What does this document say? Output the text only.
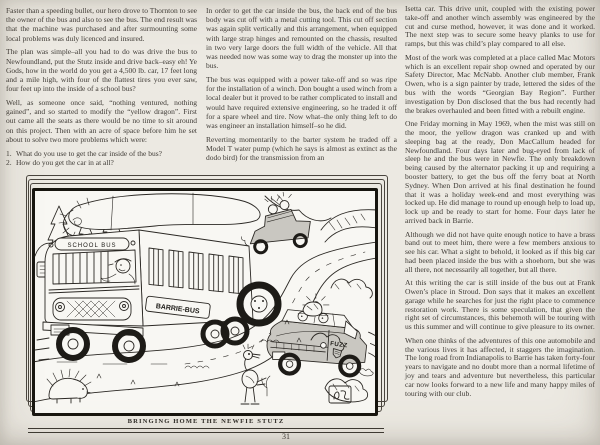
Faster than a speeding bullet, our hero drove to Thornton to see the owner of the bus and also to see the bus. The end result was that the machine was purchased and after surmounting some local problems was duly licenced and insured.

The plan was simple–all you had to do was drive the bus to Newfoundland, put the Stutz inside and drive back–easy eh! Ye Gods, how in the world do you get a 4,500 lb. car, 17 feet long and a mile high, with four of the flattest tires you ever saw, four feet up into the inside of a school bus?

Well, as someone once said, “nothing ventured, nothing gained”, and so started to modify the “yellow dragon”. First out came all the seats as there would be no time to sit around on this project. Then with an acre of space before him he set about to solve two more problems which were:

1. What do you use to get the car inside of the bus?
2. How do you get the car in at all?

In order to get the car inside the bus, the back end of the bus body was cut off with a metal cutting tool. This cut off section was again split vertically and this arrangement, when equipped with large strap hinges and remounted on the chassis, resulted in two very large doors the full width of the vehicle. All that was needed now was some way to drag the monster up into the bus.

The bus was equipped with a power take-off and so was ripe for the installation of a winch. Don bought a used winch from a local dealer but it proved to be rather complicated to install and would have required extensive engineering, so he traded it off for a spare wheel and tire. Now what–the only thing left to do was engineer an installation himself–so he did.

Reverting momentarily to the barter system he traded off a Model T water pump (which he says is almost as extinct as the dodo bird) for the transmission from an

Isetta car. This drive unit, coupled with the existing power take-off and another winch assembly was engineered by the cut and curse method, however, it was done and it worked. The next step was to secure some heavy planks to use for ramps, but this was child’s play compared to all else.

Most of the work was completed at a place called Mac Motors which is an excellent repair shop owned and operated by our Safety Director, Mac McNabb. Another club member, Frank Owen, who is a sign painter by trade, lettered the sides of the bus with the words “Georgian Bay Region”. Further investigation by Don disclosed that the bus had recently had the brakes overhauled and been fitted with a rebuilt engine.

One Friday morning in May 1969, when the mist was still on the moor, the yellow dragon was cranked up and with sleeping bag at the ready, Don MacCallum headed for Newfoundland. Four days later and bug-eyed from lack of sleep he and the bus were in Newfie. The only breakdown being caused by the alternator packing it up and requiring a booster battery, to get the bus off the ferry boat at North Sydney. When Don arrived at his final destination he found that it was a holiday week-end and most everything was locked up. He did manage to round up enough help to load up, lock up and be ready to start for home. Four days later he arrived back in Barrie.

Although we did not have quite enough notice to have a brass band out to meet him, there were a few members anxious to see his car. What a sight to behold, it looked as if this big car had been placed inside the bus with a shoehorn, but she was all there, not necessarily all together, but all there.

At this writing the car is still inside of the bus out at Frank Owen’s place in Stroud. Don says that it makes an excellent garage while he searches for just the right place to commence restoration work. There is some speculation, that given the right set of circumstances, this behemoth will be touring with us this summer and will continue to give pleasure to its owner.

When one thinks of the adventures of this one automobile and the various lives it has affected, it staggers the imagination. The long road from Indianapolis to Barrie has taken forty-four years to navigate and no doubt more than a normal lifetime of joy and tears and adventure but nevertheless, this particular car now looks forward to a new life and many happy miles of touring with our club.

BARRIE-BUS
SCHOOL BUS
FUZZ
BRINGING HOME THE NEWFIE STUTZ
31
